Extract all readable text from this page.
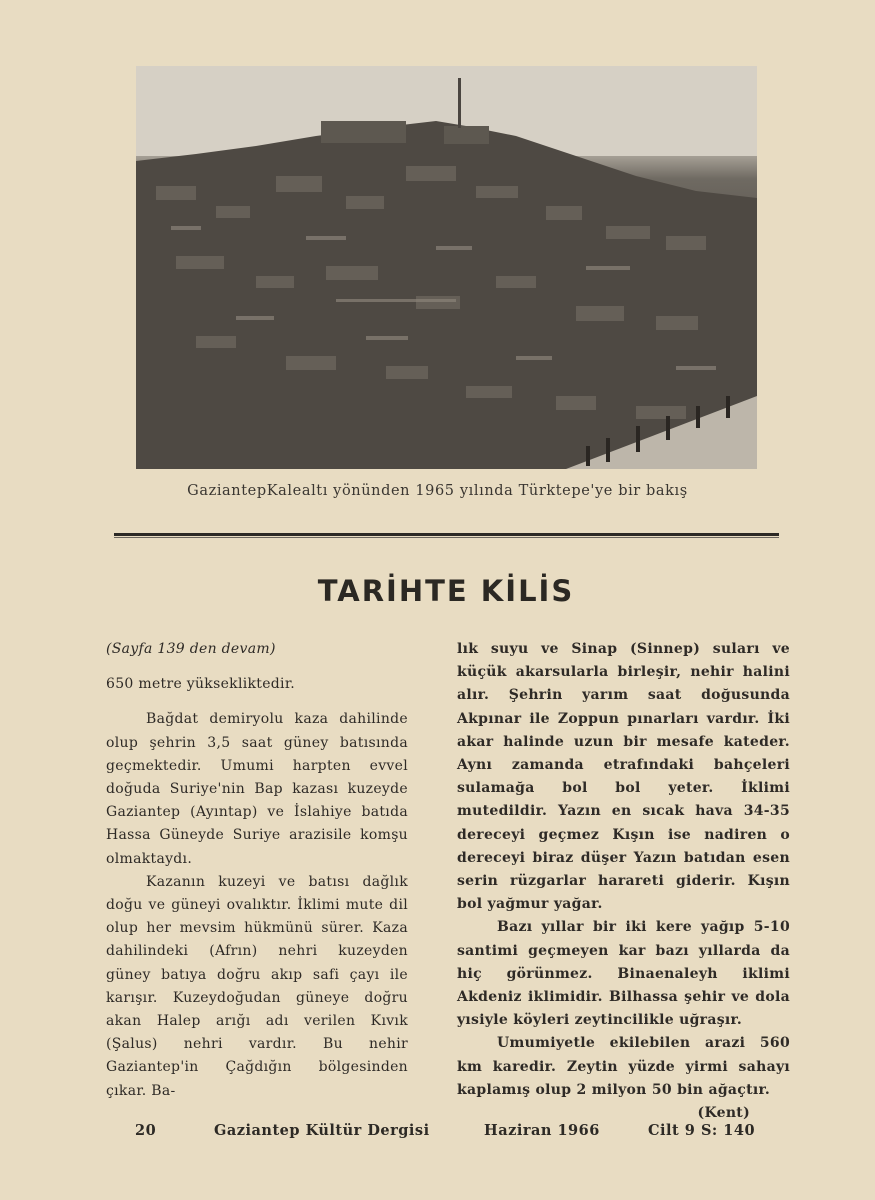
GaziantepKalealtı yönünden 1965 yılında Türktepe'ye bir bakış
TARİHTE KİLİS

(Sayfa 139 den devam)

650 metre yüksekliktedir.

Bağdat demiryolu kaza dahilinde olup şehrin 3,5 saat güney batısında geçmektedir. Umumi harpten evvel doğuda Suriye'nin Bap kazası kuzeyde Gaziantep (Ayıntap) ve İslahiye batıda Hassa Güneyde Suriye arazisile komşu olmaktaydı.

Kazanın kuzeyi ve batısı dağlık doğu ve güneyi ovalıktır. İklimi mute dil olup her mevsim hükmünü sürer. Kaza dahilindeki (Afrın) nehri kuzeyden güney batıya doğru akıp safi çayı ile karışır. Kuzeydoğudan güneye doğru akan Halep arığı adı verilen Kıvık (Şalus) nehri vardır. Bu nehir Gaziantep'in Çağdığın bölgesinden çıkar. Ba-

lık suyu ve Sinap (Sinnep) suları ve küçük akarsularla birleşir, nehir halini alır. Şehrin yarım saat doğusunda Akpınar ile Zoppun pınarları vardır. İki akar halinde uzun bir mesafe kateder. Aynı zamanda etrafındaki bahçeleri sulamağa bol bol yeter. İklimi mutedildir. Yazın en sıcak hava 34-35 dereceyi geçmez Kışın ise nadiren o dereceyi biraz düşer Yazın batıdan esen serin rüzgarlar harareti giderir. Kışın bol yağmur yağar.

Bazı yıllar bir iki kere yağıp 5-10 santimi geçmeyen kar bazı yıllarda da hiç görünmez. Binaenaleyh iklimi Akdeniz iklimidir. Bilhassa şehir ve dola yısiyle köyleri zeytincilikle uğraşır.

Umumiyetle ekilebilen arazi 560 km karedir. Zeytin yüzde yirmi sahayı kaplamış olup 2 milyon 50 bin ağaçtır.

(Kent)

20	Gaziantep Kültür Dergisi	Haziran 1966	Cilt 9 S: 140
